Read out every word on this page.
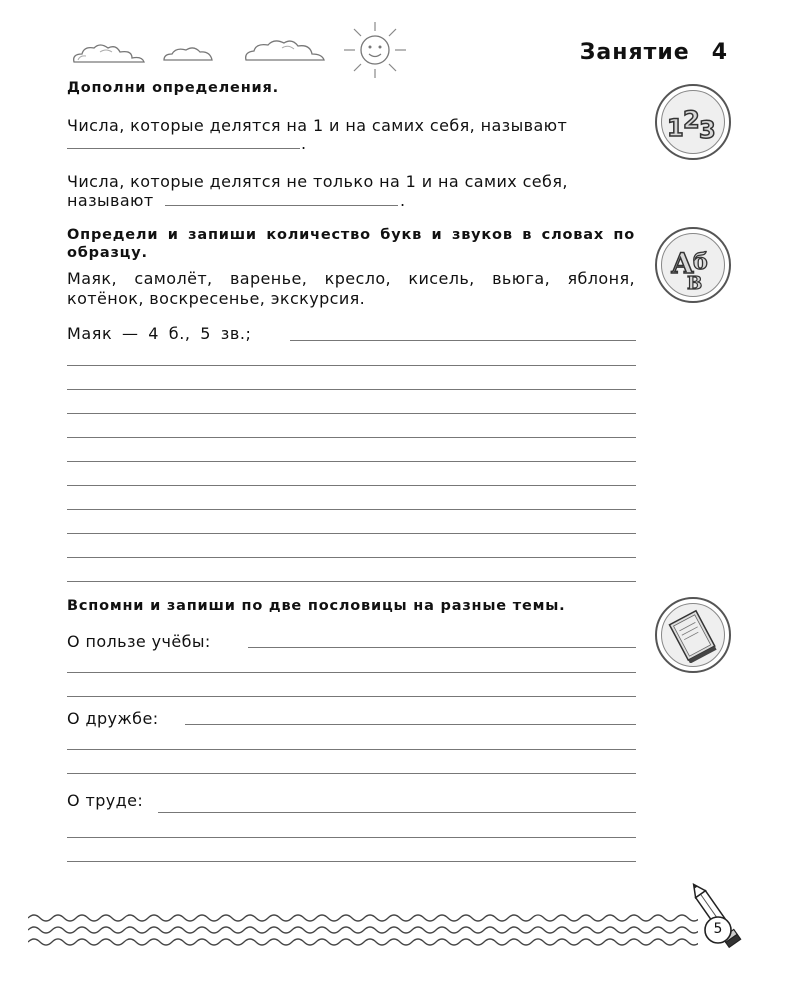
Занятие 4
Дополни определения.
Числа, которые делятся на 1 и на самих себя, называют
.
Числа, которые делятся не только на 1 и на самих себя,
называют	.
1 2 3
Определи и запиши количество букв и звуков в словах по образцу.
Маяк, самолёт, варенье, кресло, кисель, вьюга, яблоня, котёнок, воскресенье, экскурсия.
Маяк — 4 б., 5 зв.;
А б
В
Вспомни и запиши по две пословицы на разные темы.
О пользе учёбы:
О дружбе:
О труде:
5
